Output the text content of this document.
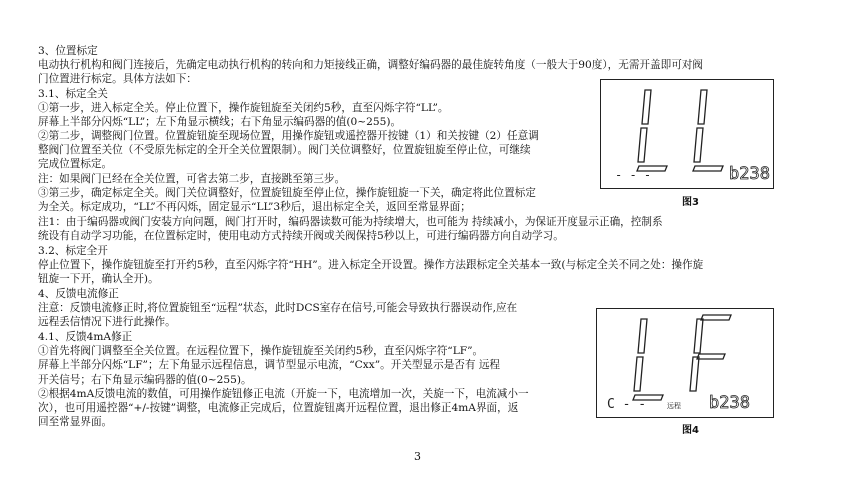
3、位置标定
电动执行机构和阀门连接后，先确定电动执行机构的转向和力矩接线正确，调整好编码器的最佳旋转角度（一般大于90度），无需开盖即可对阀
门位置进行标定。具体方法如下：
3.1、标定全关
①第一步，进入标定全关。停止位置下，操作旋钮旋至关闭约5秒，直至闪烁字符“LL”。
屏幕上半部分闪烁“LL”；左下角显示横线；右下角显示编码器的值(0~255)。
②第二步，调整阀门位置。位置旋钮旋至现场位置，用操作旋钮或遥控器开按键（1）和关按键（2）任意调
整阀门位置至关位（不受原先标定的全开全关位置限制）。阀门关位调整好，位置旋钮旋至停止位，可继续
完成位置标定。
注：如果阀门已经在全关位置，可省去第二步，直接跳至第三步。
③第三步，确定标定全关。阀门关位调整好，位置旋钮旋至停止位，操作旋钮旋一下关，确定将此位置标定
为全关。标定成功，“LL”不再闪烁，固定显示“LL”3秒后，退出标定全关，返回至常显界面；
注1：由于编码器或阀门安装方向问题，阀门打开时，编码器读数可能为持续增大，也可能为 持续减小，为保证开度显示正确，控制系
统设有自动学习功能，在位置标定时，使用电动方式持续开阀或关阀保持5秒以上，可进行编码器方向自动学习。
3.2、标定全开
停止位置下，操作旋钮旋至打开约5秒，直至闪烁字符“HH”。进入标定全开设置。操作方法跟标定全关基本一致(与标定全关不同之处：操作旋
钮旋一下开，确认全开)。
4、反馈电流修正
注意：反馈电流修正时,将位置旋钮至“远程”状态，此时DCS室存在信号,可能会导致执行器误动作,应在
远程丢信情况下进行此操作。
4.1、反馈4mA修正
①首先将阀门调整至全关位置。在远程位置下，操作旋钮旋至关闭约5秒，直至闪烁字符“LF”。
屏幕上半部分闪烁“LF”；左下角显示远程信息，调节型显示电流，“Cxx”。开关型显示是否有 远程
开关信号；右下角显示编码器的值(0~255)。
②根据4mA反馈电流的数值，可用操作旋钮修正电流（开旋一下，电流增加一次，关旋一下，电流减小一
次），也可用遥控器“+/-按键”调整，电流修正完成后，位置旋钮离开远程位置，退出修正4mA界面，返
回至常显界面。
- - -	b238
图3
C - -	远程 b238
图4
3
